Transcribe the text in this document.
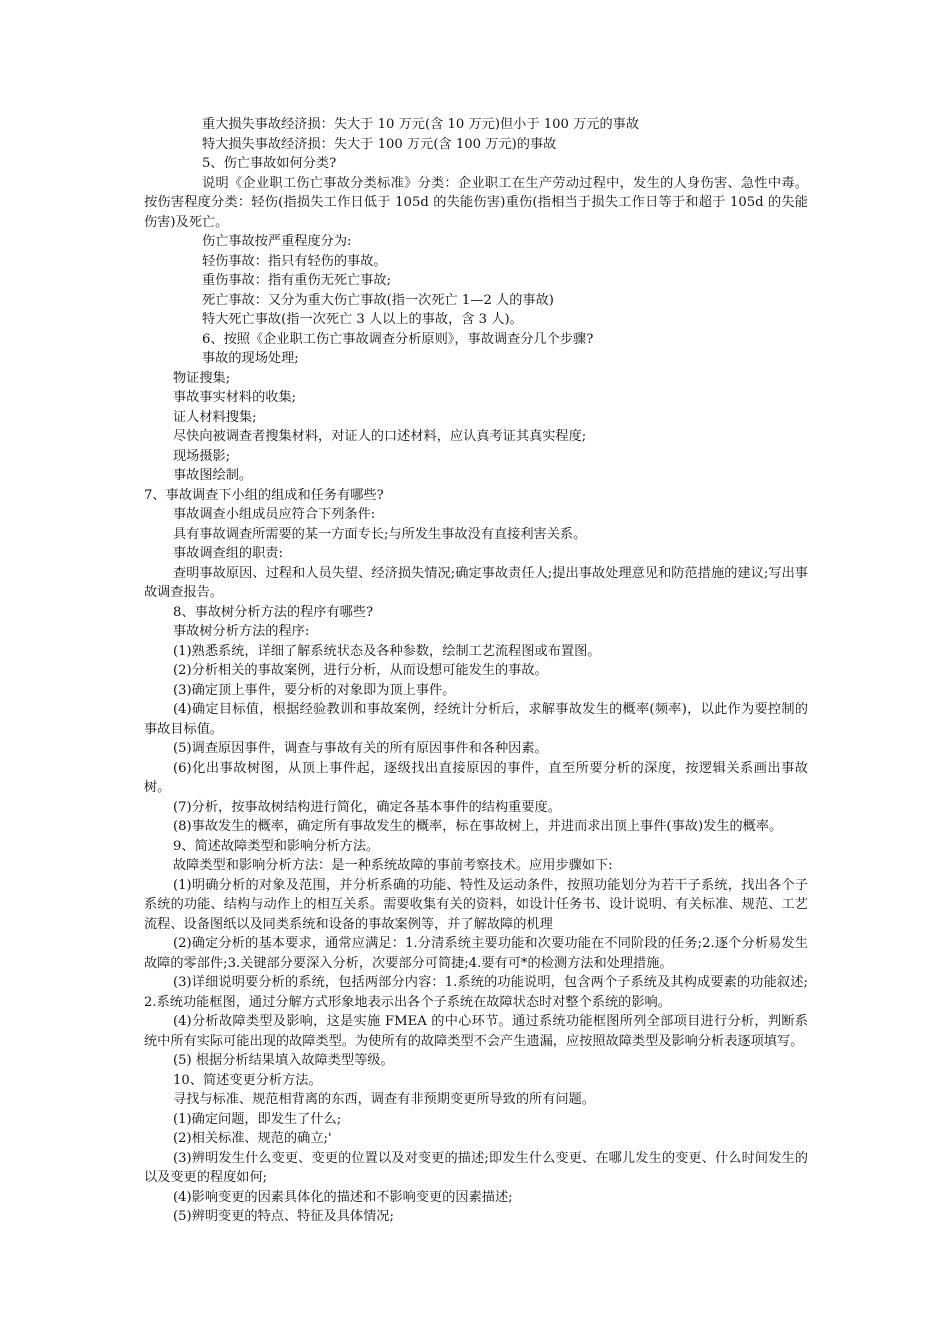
重大损失事故经济损：失大于 10 万元(含 10 万元)但小于 100 万元的事故

特大损失事故经济损：失大于 100 万元(含 100 万元)的事故

5、伤亡事故如何分类?

说明《企业职工伤亡事故分类标准》分类：企业职工在生产劳动过程中，发生的人身伤害、急性中毒。按伤害程度分类：轻伤(指损失工作日低于 105d 的失能伤害)重伤(指相当于损失工作日等于和超于 105d 的失能伤害)及死亡。

伤亡事故按严重程度分为:

轻伤事故：指只有轻伤的事故。

重伤事故：指有重伤无死亡事故;

死亡事故：又分为重大伤亡事故(指一次死亡 1—2 人的事故)

特大死亡事故(指一次死亡 3 人以上的事故，含 3 人)。

6、按照《企业职工伤亡事故调查分析原则》，事故调查分几个步骤?

事故的现场处理;

物证搜集;

事故事实材料的收集;

证人材料搜集;

尽快向被调查者搜集材料，对证人的口述材料，应认真考证其真实程度;

现场摄影;

事故图绘制。

7、事故调查下小组的组成和任务有哪些?

事故调查小组成员应符合下列条件:

具有事故调查所需要的某一方面专长;与所发生事故没有直接利害关系。

事故调查组的职责:

查明事故原因、过程和人员失望、经济损失情况;确定事故责任人;提出事故处理意见和防范措施的建议;写出事故调查报告。

8、事故树分析方法的程序有哪些?

事故树分析方法的程序:

(1)熟悉系统，详细了解系统状态及各种参数，绘制工艺流程图或布置图。

(2)分析相关的事故案例，进行分析，从而设想可能发生的事故。

(3)确定顶上事件，要分析的对象即为顶上事件。

(4)确定目标值，根据经验教训和事故案例，经统计分析后，求解事故发生的概率(频率)，以此作为要控制的事故目标值。

(5)调查原因事件，调查与事故有关的所有原因事件和各种因素。

(6)化出事故树图，从顶上事件起，逐级找出直接原因的事件，直至所要分析的深度，按逻辑关系画出事故树。

(7)分析，按事故树结构进行简化，确定各基本事件的结构重要度。

(8)事故发生的概率，确定所有事故发生的概率，标在事故树上，并进而求出顶上事件(事故)发生的概率。

9、简述故障类型和影响分析方法。

故障类型和影响分析方法：是一种系统故障的事前考察技术。应用步骤如下:

(1)明确分析的对象及范围，并分析系确的功能、特性及运动条件，按照功能划分为若干子系统，找出各个子系统的功能、结构与动作上的相互关系。需要收集有关的资料，如设计任务书、设计说明、有关标准、规范、工艺流程、设备图纸以及同类系统和设备的事故案例等，并了解故障的机理

(2)确定分析的基本要求，通常应满足：1.分清系统主要功能和次要功能在不同阶段的任务;2.逐个分析易发生故障的零部件;3.关键部分要深入分析，次要部分可简捷;4.要有可*的检测方法和处理措施。

(3)详细说明要分析的系统，包括两部分内容：1.系统的功能说明，包含两个子系统及其构成要素的功能叙述;2.系统功能框图，通过分解方式形象地表示出各个子系统在故障状态时对整个系统的影响。

(4)分析故障类型及影响，这是实施 FMEA 的中心环节。通过系统功能框图所列全部项目进行分析，判断系统中所有实际可能出现的故障类型。为使所有的故障类型不会产生遗漏，应按照故障类型及影响分析表逐项填写。

(5) 根据分析结果填入故障类型等级。

10、简述变更分析方法。

寻找与标准、规范相背离的东西，调查有非预期变更所导致的所有问题。

(1)确定问题，即发生了什么;

(2)相关标准、规范的确立;'

(3)辨明发生什么变更、变更的位置以及对变更的描述;即发生什么变更、在哪儿发生的变更、什么时间发生的以及变更的程度如何;

(4)影响变更的因素具体化的描述和不影响变更的因素描述;

(5)辨明变更的特点、特征及具体情况;
